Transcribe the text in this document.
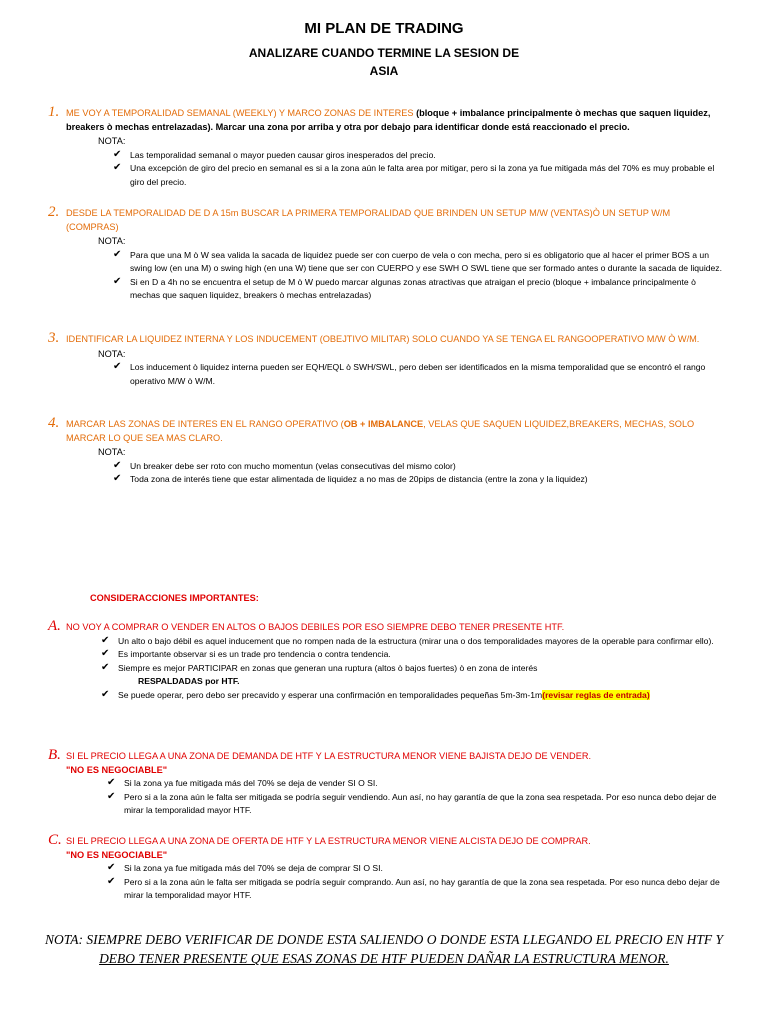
MI PLAN DE TRADING
ANALIZARE CUANDO TERMINE LA SESION DE
ASIA
1. ME VOY A TEMPORALIDAD SEMANAL (WEEKLY) Y MARCO ZONAS DE INTERES (bloque + imbalance principalmente ò mechas que saquen liquidez, breakers ò mechas entrelazadas). Marcar una zona por arriba y otra por debajo para identificar donde está reaccionado el precio.
NOTA:
✔ Las temporalidad semanal o mayor pueden causar giros inesperados del precio.
✔ Una excepción de giro del precio en semanal es si a la zona aún le falta area por mitigar, pero si la zona ya fue mitigada más del 70% es muy probable el giro del precio.
2. DESDE LA TEMPORALIDAD DE D A 15m BUSCAR LA PRIMERA TEMPORALIDAD QUE BRINDEN UN SETUP M/W (VENTAS)Ò UN SETUP W/M (COMPRAS)
NOTA:
✔ Para que una M ò W sea valida la sacada de liquidez puede ser con cuerpo de vela o con mecha, pero si es obligatorio que al hacer el primer BOS a un swing low (en una M) o swing high (en una W) tiene que ser con CUERPO y ese SWH O SWL tiene que ser formado antes o durante la sacada de liquidez.
✔ Si en D a 4h no se encuentra el setup de M ò W puedo marcar algunas zonas atractivas que atraigan el precio (bloque + imbalance principalmente ò mechas que saquen liquidez, breakers ò mechas entrelazadas)
3. IDENTIFICAR LA LIQUIDEZ INTERNA Y LOS INDUCEMENT (OBEJTIVO MILITAR) SOLO CUANDO YA SE TENGA EL RANGOOPERATIVO M/W Ò W/M.
NOTA:
✔ Los inducement ò liquidez interna pueden ser EQH/EQL ò SWH/SWL, pero deben ser identificados en la misma temporalidad que se encontró el rango operativo M/W ò W/M.
4. MARCAR LAS ZONAS DE INTERES EN EL RANGO OPERATIVO (OB + IMBALANCE, VELAS QUE SAQUEN LIQUIDEZ,BREAKERS, MECHAS, SOLO MARCAR LO QUE SEA MAS CLARO.
NOTA:
✔ Un breaker debe ser roto con mucho momentun (velas consecutivas del mismo color)
✔ Toda zona de interés tiene que estar alimentada de liquidez a no mas de 20pips de distancia (entre la zona y la liquidez)
CONSIDERACCIONES IMPORTANTES:
A. NO VOY A COMPRAR O VENDER EN ALTOS O BAJOS DEBILES POR ESO SIEMPRE DEBO TENER PRESENTE HTF.
✔ Un alto o bajo débil es aquel inducement que no rompen nada de la estructura (mirar una o dos temporalidades mayores de la operable para confirmar ello).
✔ Es importante observar si es un trade pro tendencia o contra tendencia.
✔ Siempre es mejor PARTICIPAR en zonas que generan una ruptura (altos ò bajos fuertes) ò en zona de interés
RESPALDADAS por HTF.
✔ Se puede operar, pero debo ser precavido y esperar una confirmación en temporalidades pequeñas 5m-3m-1m(revisar reglas de entrada)
B. SI EL PRECIO LLEGA A UNA ZONA DE DEMANDA DE HTF Y LA ESTRUCTURA MENOR VIENE BAJISTA DEJO DE VENDER.
"NO ES NEGOCIABLE"
✔ Si la zona ya fue mitigada más del 70% se deja de vender SI O SI.
✔ Pero si a la zona aún le falta ser mitigada se podría seguir vendiendo. Aun así, no hay garantía de que la zona sea respetada. Por eso nunca debo dejar de mirar la temporalidad mayor HTF.
C. SI EL PRECIO LLEGA A UNA ZONA DE OFERTA DE HTF Y LA ESTRUCTURA MENOR VIENE ALCISTA DEJO DE COMPRAR.
"NO ES NEGOCIABLE"
✔ Si la zona ya fue mitigada más del 70% se deja de comprar SI O SI.
✔ Pero si a la zona aún le falta ser mitigada se podría seguir comprando. Aun así, no hay garantía de que la zona sea respetada. Por eso nunca debo dejar de mirar la temporalidad mayor HTF.
NOTA: SIEMPRE DEBO VERIFICAR DE DONDE ESTA SALIENDO O DONDE ESTA LLEGANDO EL PRECIO EN HTF Y
DEBO TENER PRESENTE QUE ESAS ZONAS DE HTF PUEDEN DAÑAR LA ESTRUCTURA MENOR.
